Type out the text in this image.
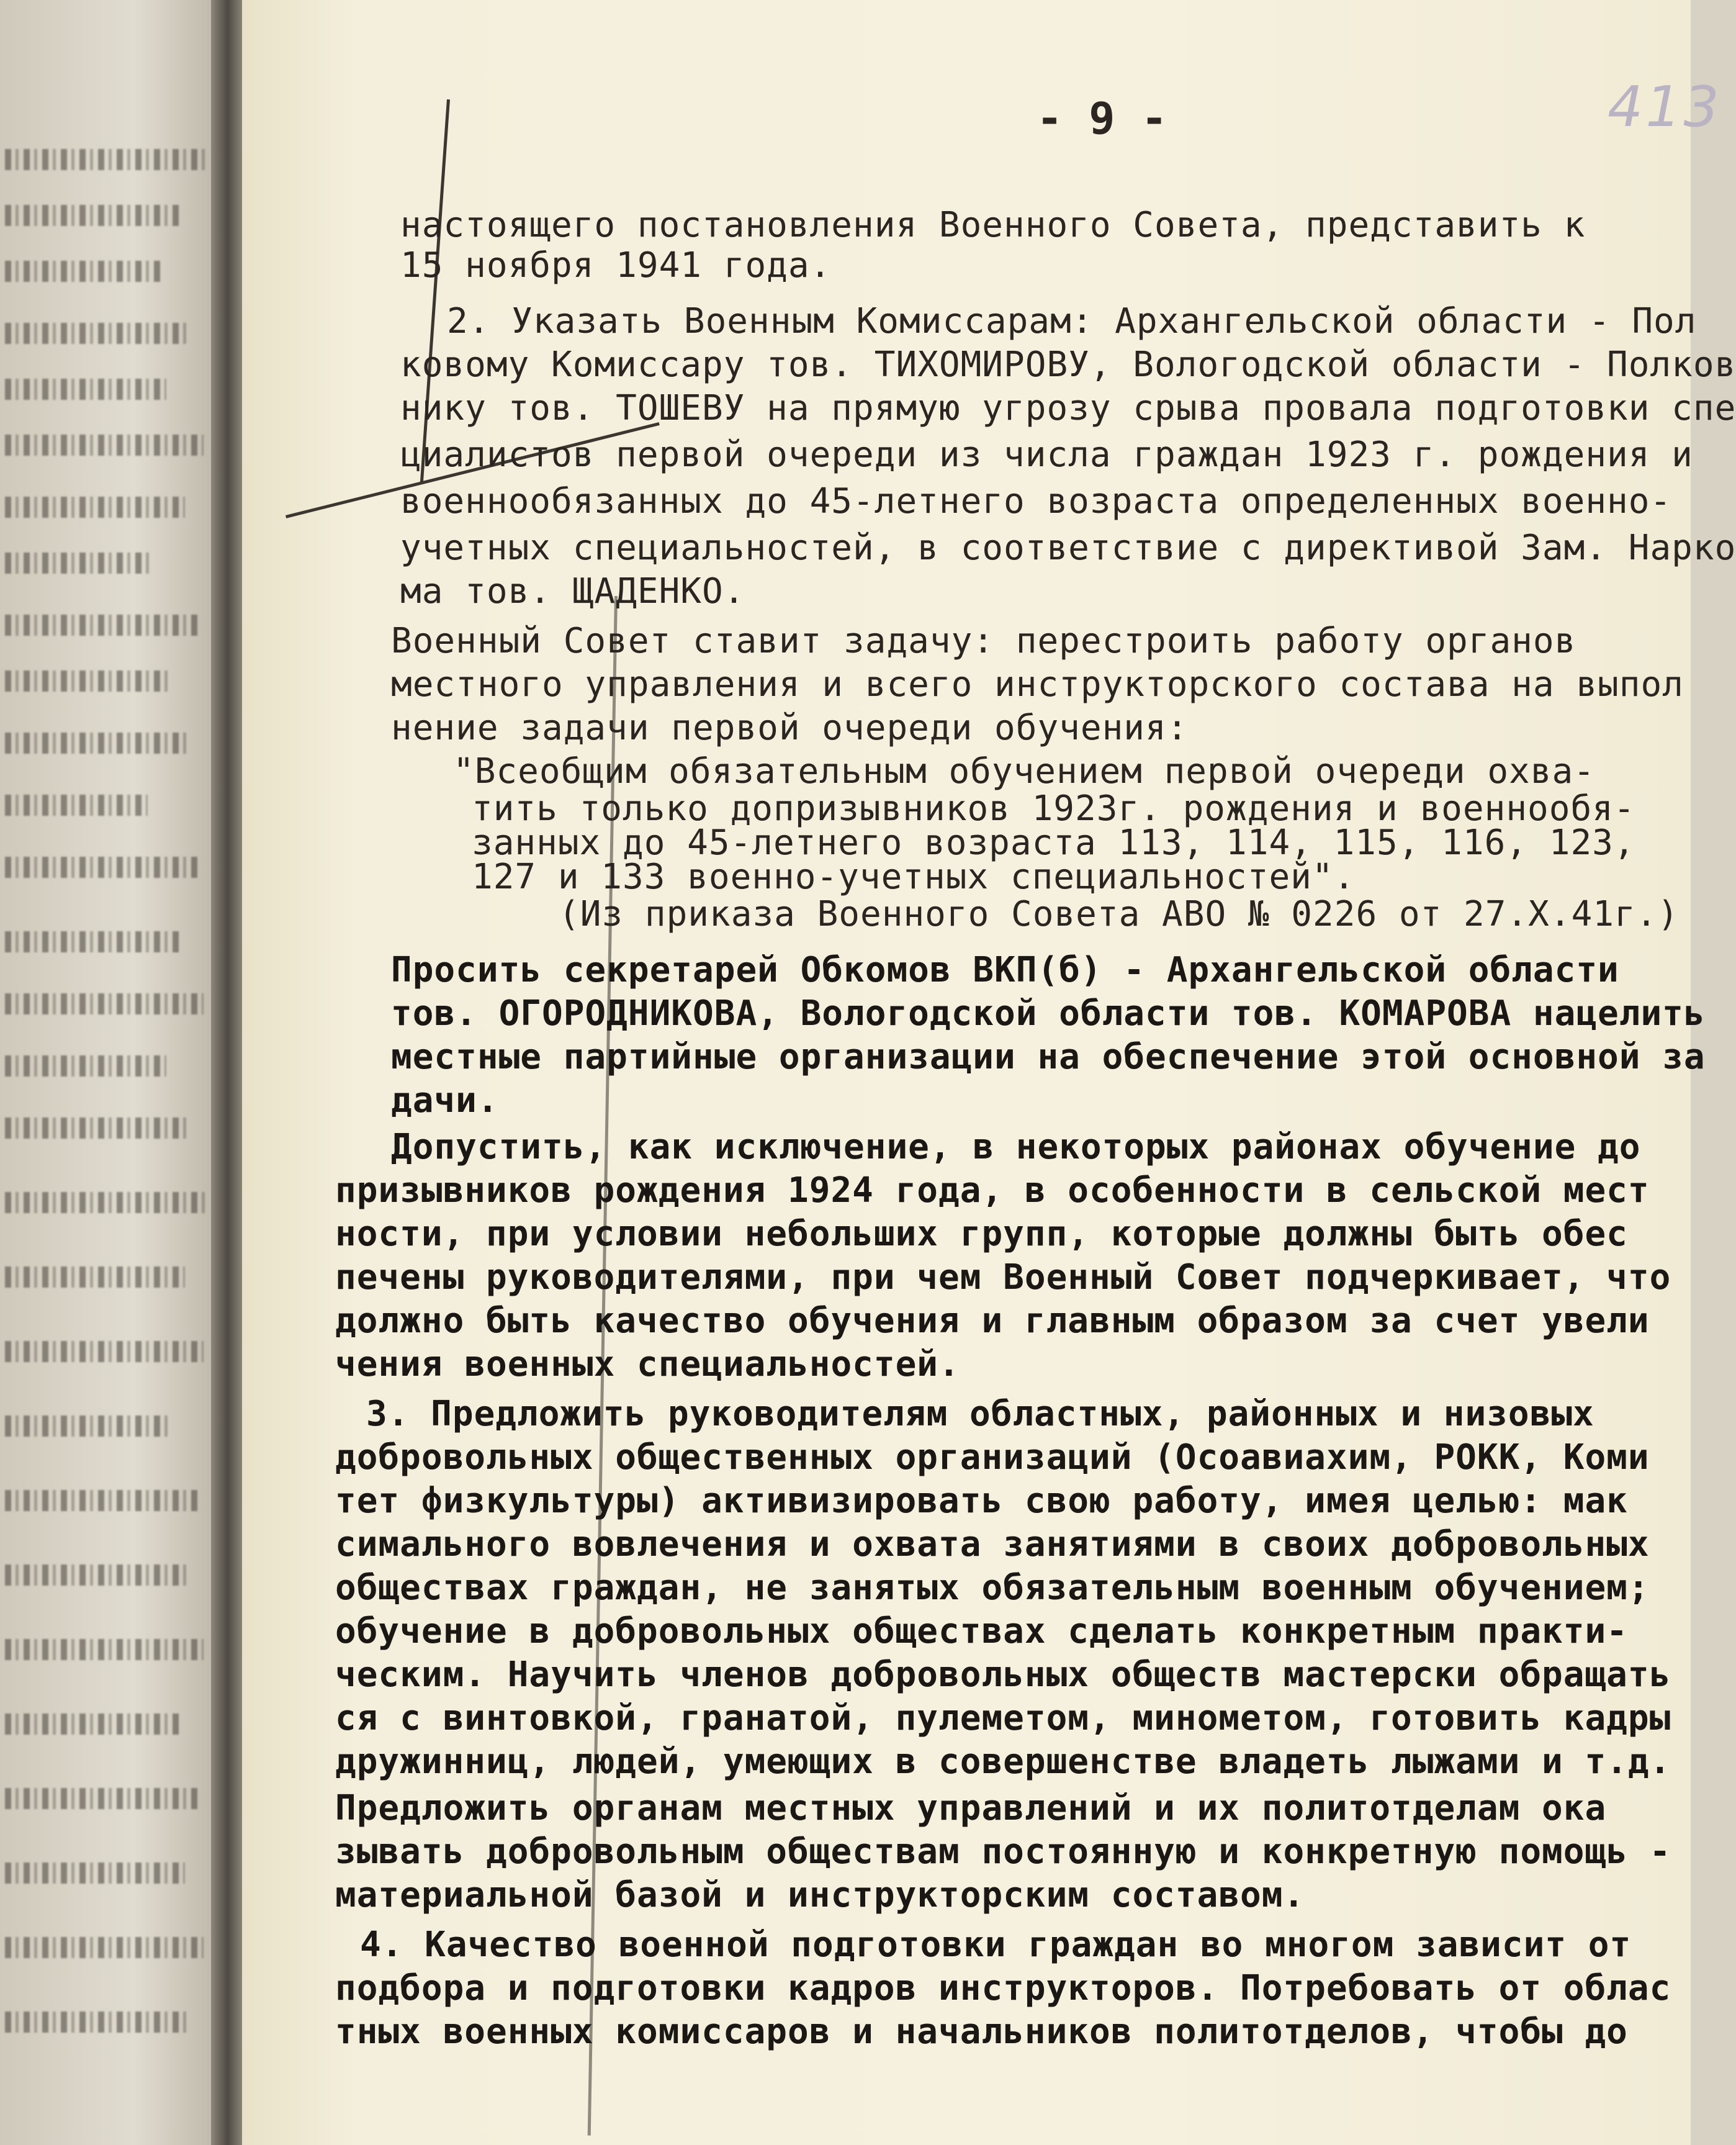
413
- 9 -
настоящего постановления Военного Совета, представить к
15 ноября 1941 года.
2. Указать Военным Комиссарам: Архангельской области - Пол
ковому Комиссару тов. ТИХОМИРОВУ, Вологодской области - Полков
нику тов. ТОШЕВУ на прямую угрозу срыва провала подготовки спе
циалистов первой очереди из числа граждан 1923 г. рождения и
военнообязанных до 45-летнего возраста определенных военно-
учетных специальностей, в соответствие с директивой Зам. Нарко
ма тов. ЩАДЕНКО.
Военный Совет ставит задачу: перестроить работу органов
местного управления и всего инструкторского состава на выпол
нение задачи первой очереди обучения:
"Всеобщим обязательным обучением первой очереди охва-
тить только допризывников 1923г. рождения и военнообя-
занных до 45-летнего возраста 113, 114, 115, 116, 123,
127 и 133 военно-учетных специальностей".
(Из приказа Военного Совета АВО № 0226 от 27.X.41г.)
Просить секретарей Обкомов ВКП(б) - Архангельской области
тов. ОГОРОДНИКОВА, Вологодской области тов. КОМАРОВА нацелить
местные партийные организации на обеспечение этой основной за
дачи.
Допустить, как исключение, в некоторых районах обучение до
призывников рождения 1924 года, в особенности в сельской мест
ности, при условии небольших групп, которые должны быть обес
печены руководителями, при чем Военный Совет подчеркивает, что
должно быть качество обучения и главным образом за счет увели
чения военных специальностей.
3. Предложить руководителям областных, районных и низовых
добровольных общественных организаций (Осоавиахим, РОКК, Коми
тет физкультуры) активизировать свою работу, имея целью: мак
симального вовлечения и охвата занятиями в своих добровольных
обществах граждан, не занятых обязательным военным обучением;
обучение в добровольных обществах сделать конкретным практи-
ческим. Научить членов добровольных обществ мастерски обращать
ся с винтовкой, гранатой, пулеметом, минометом, готовить кадры
дружинниц, людей, умеющих в совершенстве владеть лыжами и т.д.
Предложить органам местных управлений и их политотделам ока
зывать добровольным обществам постоянную и конкретную помощь -
материальной базой и инструкторским составом.
4. Качество военной подготовки граждан во многом зависит от
подбора и подготовки кадров инструкторов. Потребовать от облас
тных военных комиссаров и начальников политотделов, чтобы до
